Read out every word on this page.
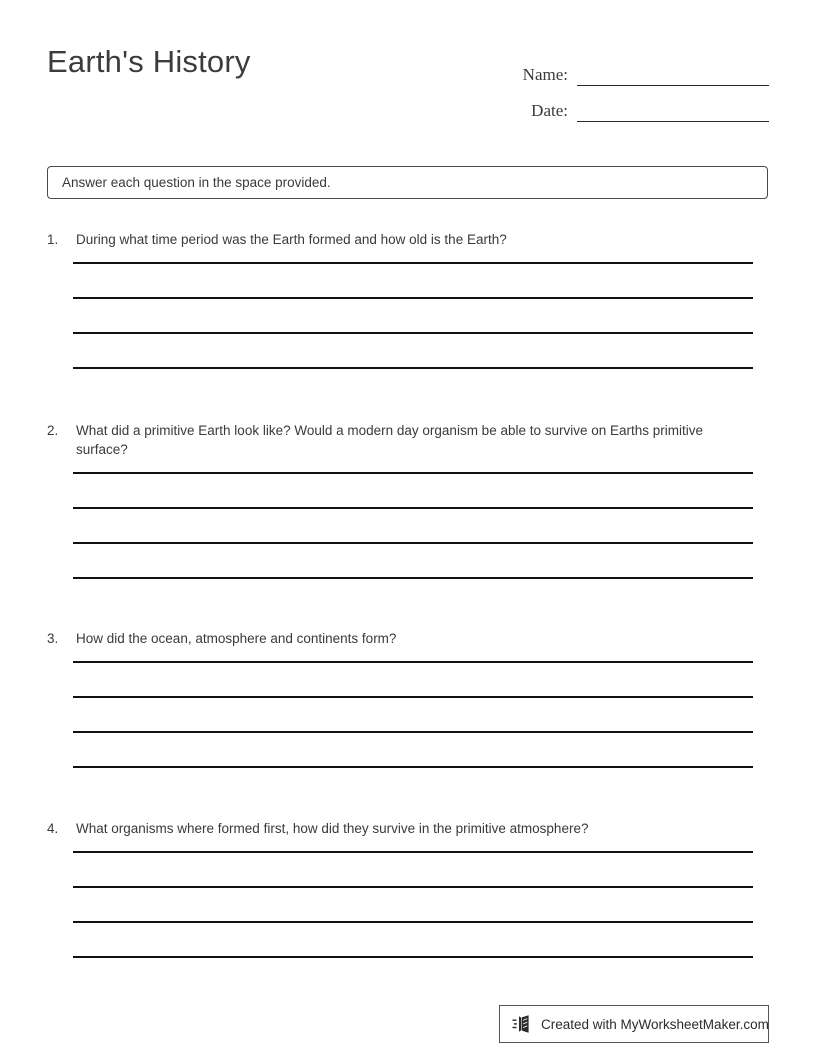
Earth's History	Name:
Date:
Answer each question in the space provided.
1.	During what time period was the Earth formed and how old is the Earth?
2.	What did a primitive Earth look like? Would a modern day organism be able to survive on Earths primitive surface?
3.	How did the ocean, atmosphere and continents form?
4.	What organisms where formed first, how did they survive in the primitive atmosphere?
Created with MyWorksheetMaker.com
